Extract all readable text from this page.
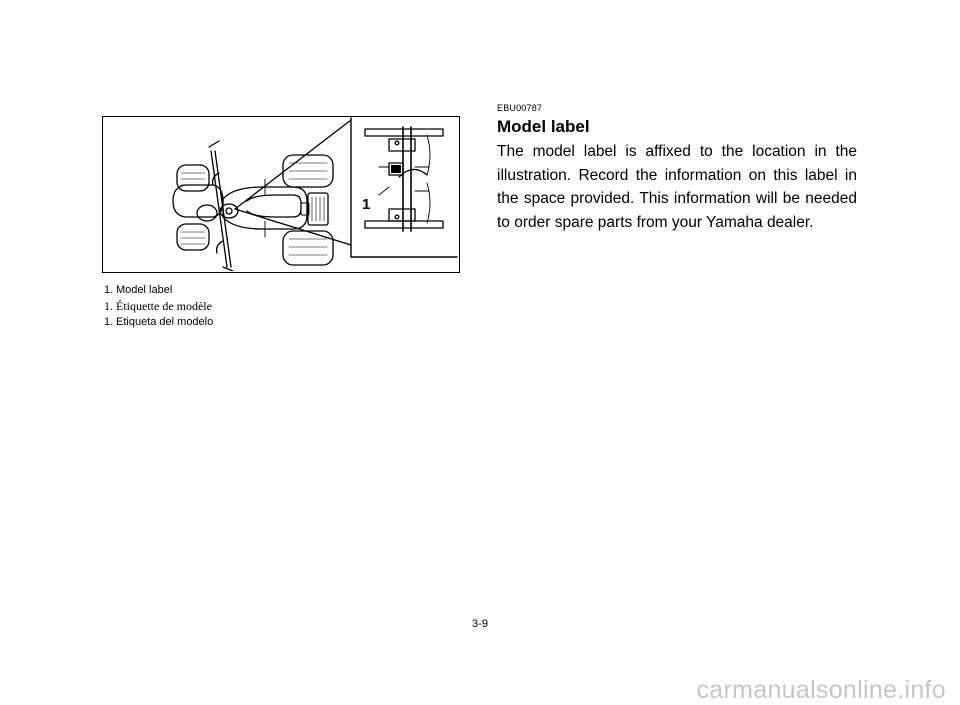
1
1. Model label
1. Étiquette de modèle
1. Etiqueta del modelo
EBU00787
Model label
The model label is affixed to the location in the illustration. Record the information on this label in the space provided. This information will be needed to order spare parts from your Yamaha dealer.
3-9
carmanualsonline.info
